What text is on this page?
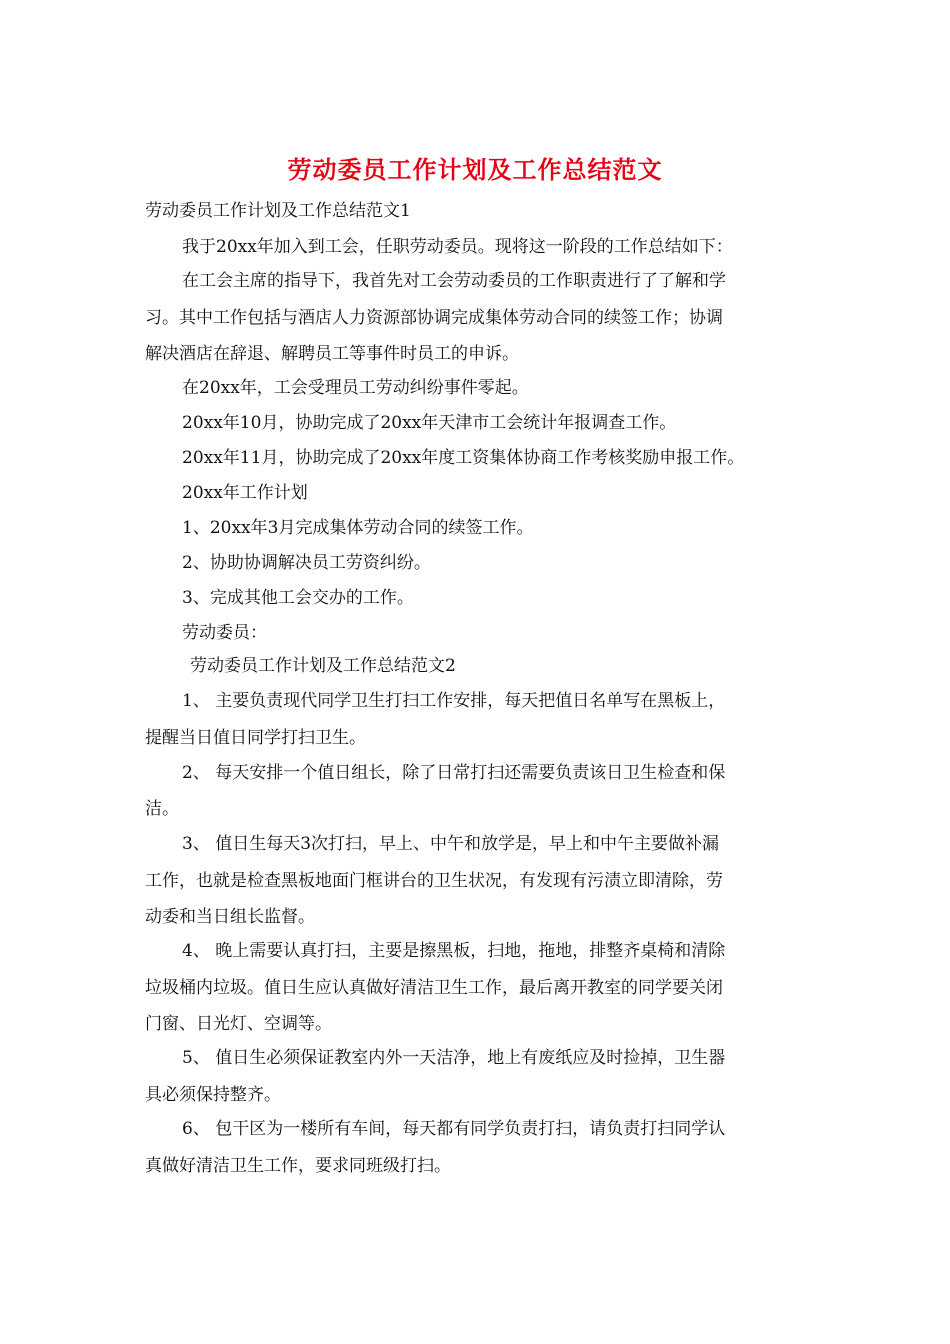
劳动委员工作计划及工作总结范文
劳动委员工作计划及工作总结范文1
我于20xx年加入到工会，任职劳动委员。现将这一阶段的工作总结如下：
在工会主席的指导下，我首先对工会劳动委员的工作职责进行了了解和学
习。其中工作包括与酒店人力资源部协调完成集体劳动合同的续签工作；协调
解决酒店在辞退、解聘员工等事件时员工的申诉。
在20xx年，工会受理员工劳动纠纷事件零起。
20xx年10月，协助完成了20xx年天津市工会统计年报调查工作。
20xx年11月，协助完成了20xx年度工资集体协商工作考核奖励申报工作。
20xx年工作计划
1、20xx年3月完成集体劳动合同的续签工作。
2、协助协调解决员工劳资纠纷。
3、完成其他工会交办的工作。
劳动委员：
劳动委员工作计划及工作总结范文2
1、 主要负责现代同学卫生打扫工作安排，每天把值日名单写在黑板上，
提醒当日值日同学打扫卫生。
2、 每天安排一个值日组长，除了日常打扫还需要负责该日卫生检查和保
洁。
3、 值日生每天3次打扫，早上、中午和放学是，早上和中午主要做补漏
工作，也就是检查黑板地面门框讲台的卫生状况，有发现有污渍立即清除，劳
动委和当日组长监督。
4、 晚上需要认真打扫，主要是擦黑板，扫地，拖地，排整齐桌椅和清除
垃圾桶内垃圾。值日生应认真做好清洁卫生工作，最后离开教室的同学要关闭
门窗、日光灯、空调等。
5、 值日生必须保证教室内外一天洁净，地上有废纸应及时捡掉，卫生器
具必须保持整齐。
6、 包干区为一楼所有车间，每天都有同学负责打扫，请负责打扫同学认
真做好清洁卫生工作，要求同班级打扫。
